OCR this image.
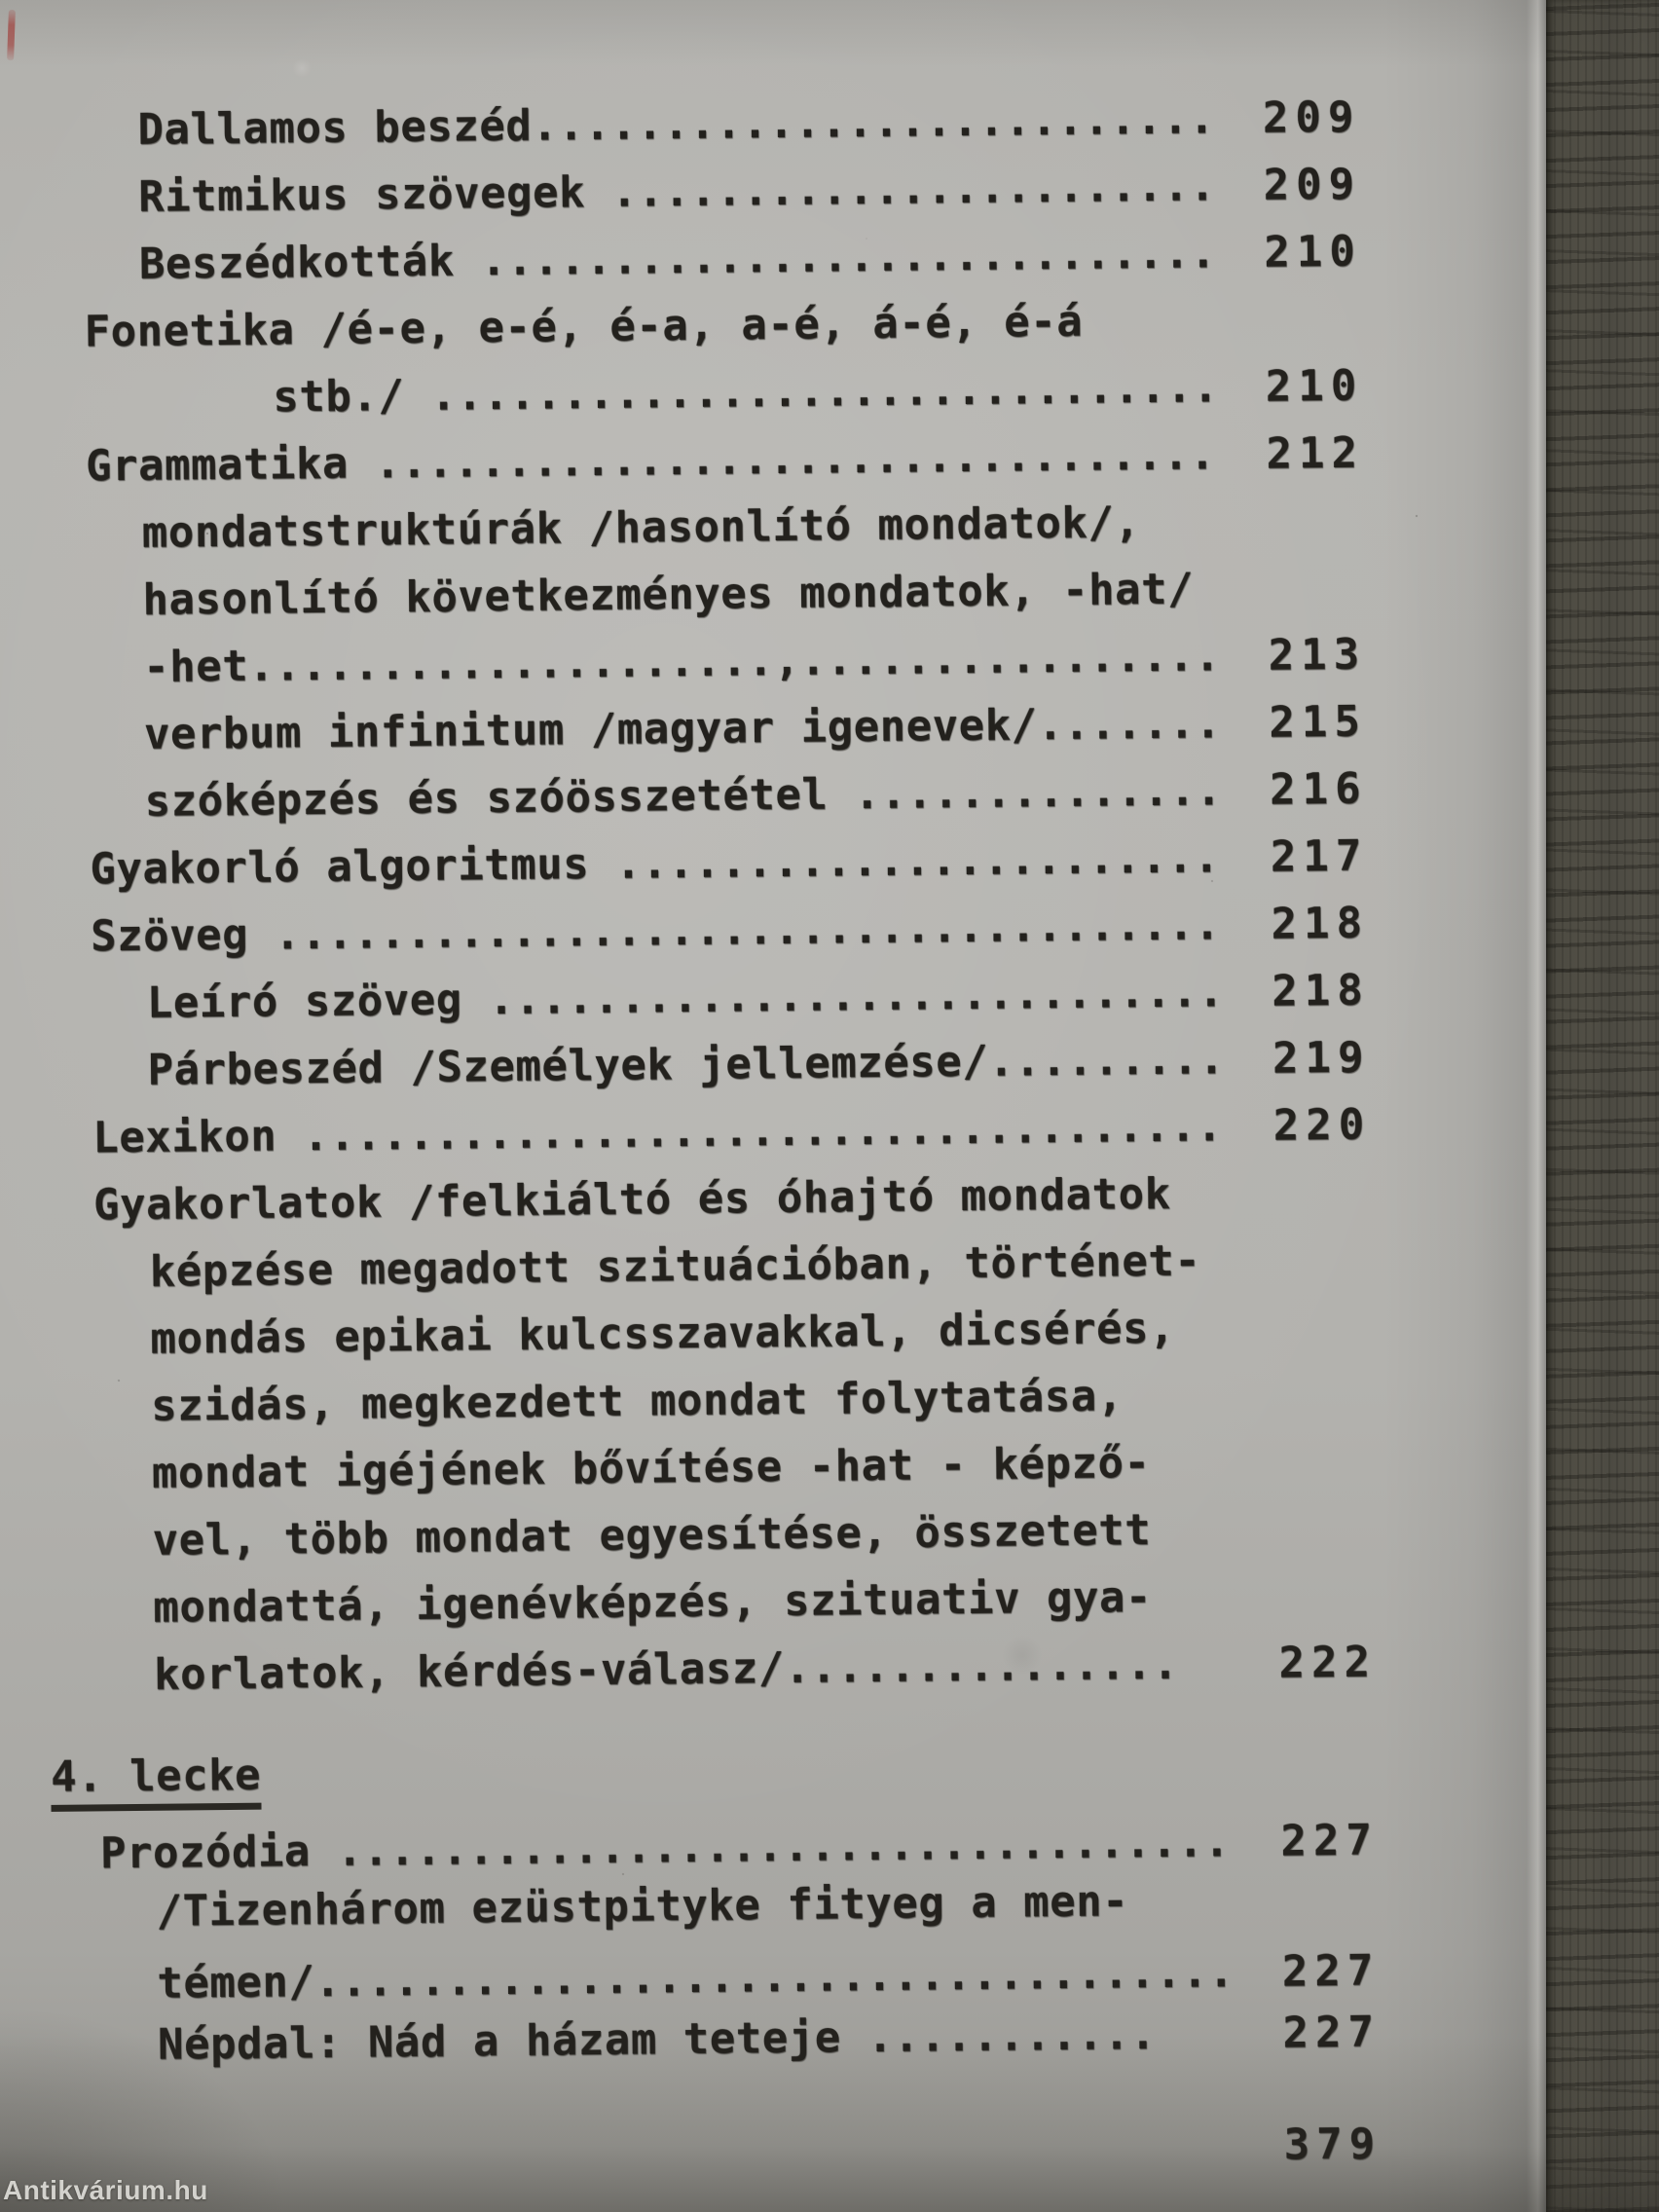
Dallamos beszéd..........................	209
Ritmikus szövegek .......................	209
Beszédkották ............................	210
Fonetika /é-e, e-é, é-a, a-é, á-é, é-á
stb./ ..............................	210
Grammatika ................................	212
mondatstruktúrák /hasonlító mondatok/,
hasonlító következményes mondatok, -hat/
-het....................,................	213
verbum infinitum /magyar igenevek/.......	215
szóképzés és szóösszetétel ..............	216
Gyakorló algoritmus .......................	217
Szöveg ....................................	218
Leíró szöveg ............................	218
Párbeszéd /Személyek jellemzése/.........	219
Lexikon ...................................	220
Gyakorlatok /felkiáltó és óhajtó mondatok
képzése megadott szituációban, történet-
mondás epikai kulcsszavakkal, dicsérés,
szidás, megkezdett mondat folytatása,
mondat igéjének bővítése -hat - képző-
vel, több mondat egyesítése, összetett
mondattá, igenévképzés, szituativ gya-
korlatok, kérdés-válasz/...............	222
4. lecke
Prozódia ..................................	227
/Tizenhárom ezüstpityke fityeg a men-
témen/...................................	227
Népdal: Nád a házam teteje ...........	227
379
Antikvárium.hu
